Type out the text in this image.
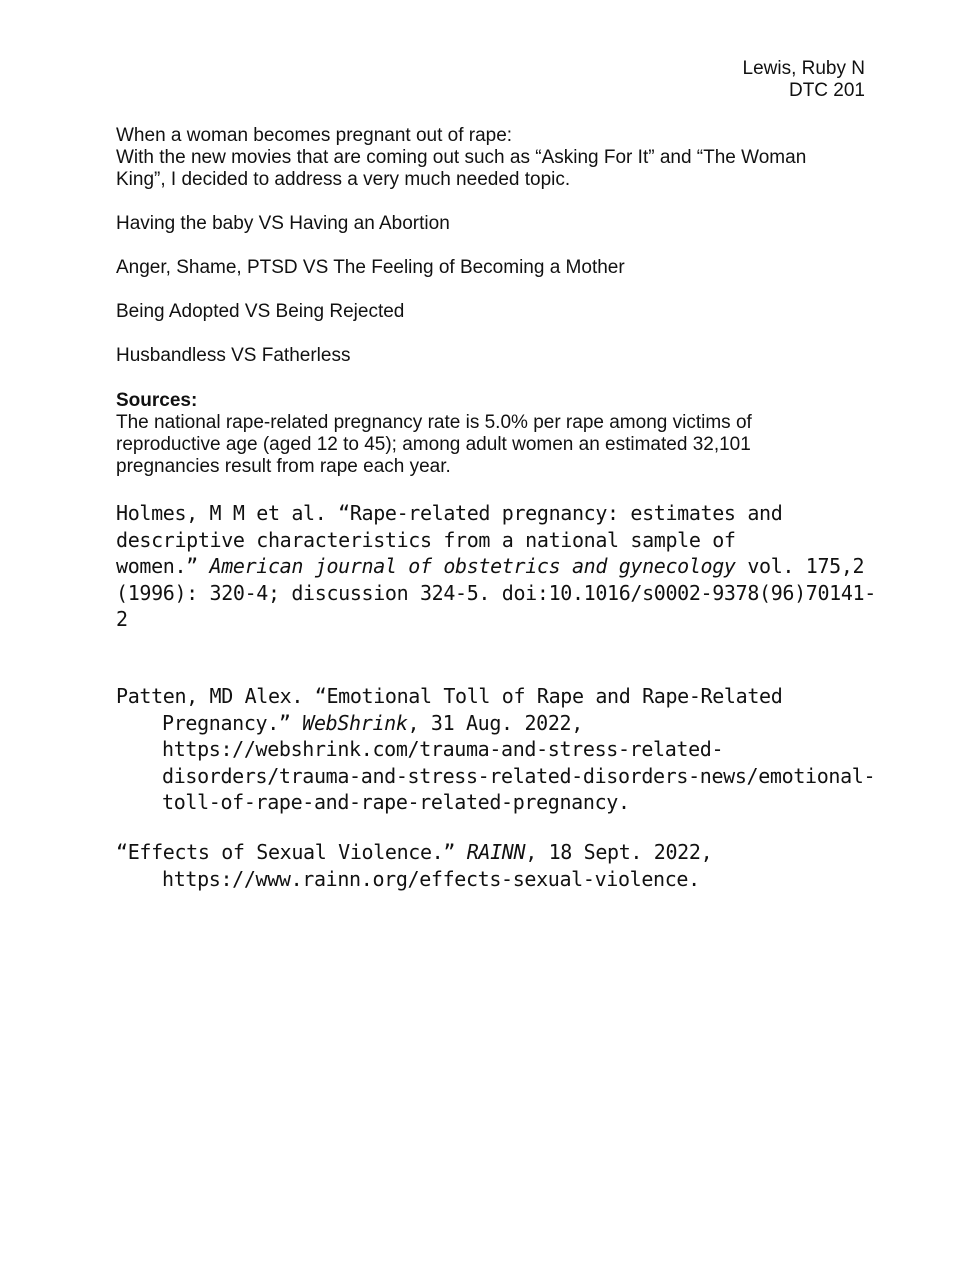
Lewis, Ruby N
DTC 201
When a woman becomes pregnant out of rape:
With the new movies that are coming out such as “Asking For It” and “The Woman
King”, I decided to address a very much needed topic.
Having the baby VS Having an Abortion
Anger, Shame, PTSD VS The Feeling of Becoming a Mother
Being Adopted VS Being Rejected
Husbandless VS Fatherless
Sources:
The national rape-related pregnancy rate is 5.0% per rape among victims of
reproductive age (aged 12 to 45); among adult women an estimated 32,101
pregnancies result from rape each year.
Holmes, M M et al. “Rape-related pregnancy: estimates and
descriptive characteristics from a national sample of
women.” American journal of obstetrics and gynecology vol. 175,2
(1996): 320-4; discussion 324-5. doi:10.1016/s0002-9378(96)70141-
2
Patten, MD Alex. “Emotional Toll of Rape and Rape-Related
Pregnancy.” WebShrink, 31 Aug. 2022,
https://webshrink.com/trauma-and-stress-related-
disorders/trauma-and-stress-related-disorders-news/emotional-
toll-of-rape-and-rape-related-pregnancy.
“Effects of Sexual Violence.” RAINN, 18 Sept. 2022,
https://www.rainn.org/effects-sexual-violence.
